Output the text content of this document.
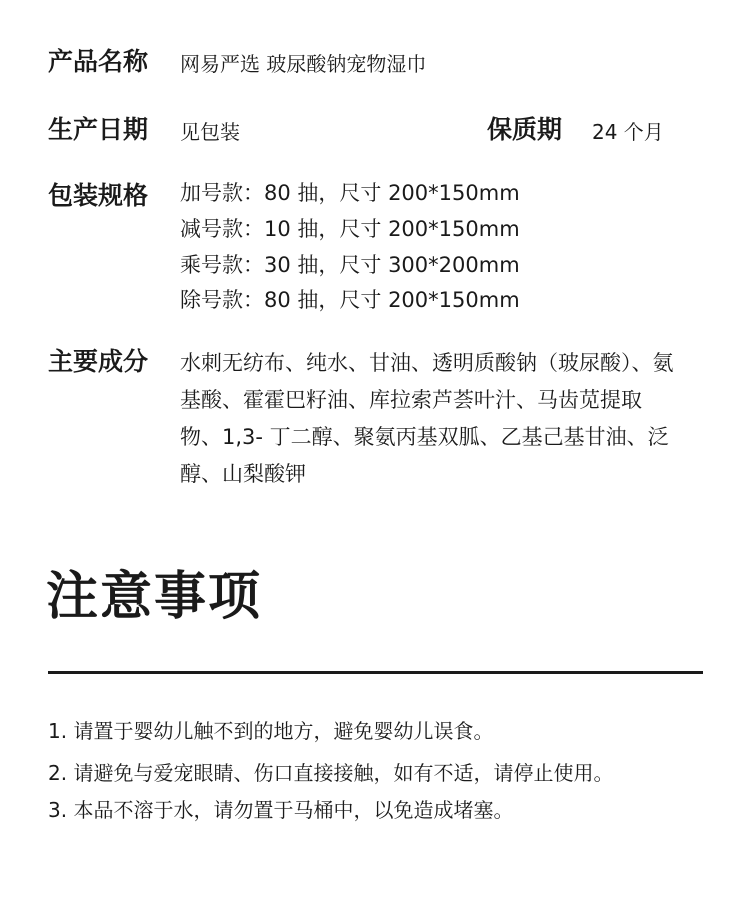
产品名称 网易严选 玻尿酸钠宠物湿巾
生产日期 见包装	保质期 24 个月
包装规格 加号款：80 抽，尺寸 200*150mm
减号款：10 抽，尺寸 200*150mm
乘号款：30 抽，尺寸 300*200mm
除号款：80 抽，尺寸 200*150mm
主要成分 水刺无纺布、纯水、甘油、透明质酸钠（玻尿酸）、氨
基酸、霍霍巴籽油、库拉索芦荟叶汁、马齿苋提取
物、1,3- 丁二醇、聚氨丙基双胍、乙基己基甘油、泛
醇、山梨酸钾
注意事项
1. 请置于婴幼儿触不到的地方，避免婴幼儿误食。
2. 请避免与爱宠眼睛、伤口直接接触，如有不适，请停止使用。
3. 本品不溶于水，请勿置于马桶中，以免造成堵塞。
